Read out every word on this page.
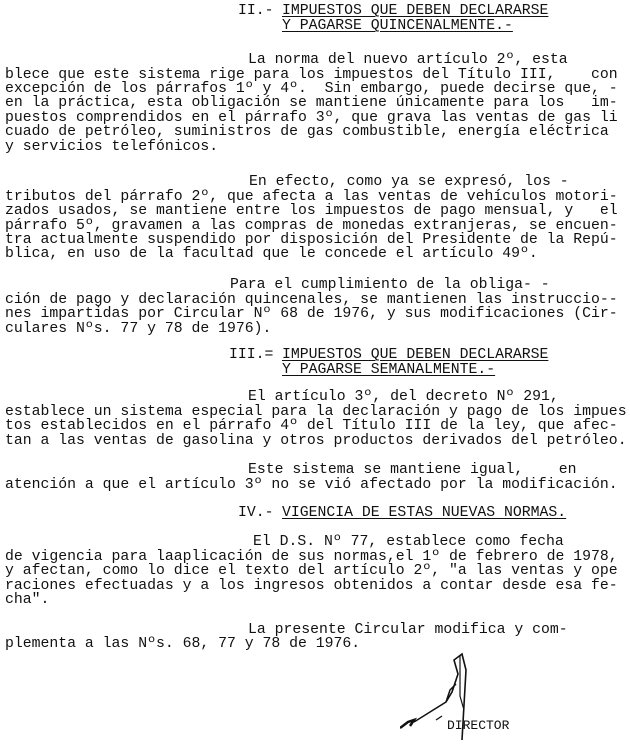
DIRECTOR
II.- IMPUESTOS QUE DEBEN DECLARARSE
Y PAGARSE QUINCENALMENTE.-
III.= IMPUESTOS QUE DEBEN DECLARARSE
Y PAGARSE SEMANALMENTE.-
IV.- VIGENCIA DE ESTAS NUEVAS NORMAS.
La norma del nuevo artículo 2º, esta
blece que este sistema rige para los impuestos del Título III,    con
excepción de los párrafos 1º y 4º.  Sin embargo, puede decirse que, -
en la práctica, esta obligación se mantiene únicamente para los   im-
puestos comprendidos en el párrafo 3º, que grava las ventas de gas li
cuado de petróleo, suministros de gas combustible, energía eléctrica
y servicios telefónicos.
En efecto, como ya se expresó, los -
tributos del párrafo 2º, que afecta a las ventas de vehículos motori-
zados usados, se mantiene entre los impuestos de pago mensual, y   el
párrafo 5º, gravamen a las compras de monedas extranjeras, se encuen-
tra actualmente suspendido por disposición del Presidente de la Repú-
blica, en uso de la facultad que le concede el artículo 49º.
Para el cumplimiento de la obliga- -
ción de pago y declaración quincenales, se mantienen las instruccio--
nes impartidas por Circular Nº 68 de 1976, y sus modificaciones (Cir-
culares Nºs. 77 y 78 de 1976).
El artículo 3º, del decreto Nº 291,
establece un sistema especial para la declaración y pago de los impues
tos establecidos en el párrafo 4º del Título III de la ley, que afec-
tan a las ventas de gasolina y otros productos derivados del petróleo.
Este sistema se mantiene igual,    en
atención a que el artículo 3º no se vió afectado por la modificación.
El D.S. Nº 77, establece como fecha
de vigencia para laaplicación de sus normas,el 1º de febrero de 1978,
y afectan, como lo dice el texto del artículo 2º, "a las ventas y ope
raciones efectuadas y a los ingresos obtenidos a contar desde esa fe-
cha".
La presente Circular modifica y com-
plementa a las Nºs. 68, 77 y 78 de 1976.
